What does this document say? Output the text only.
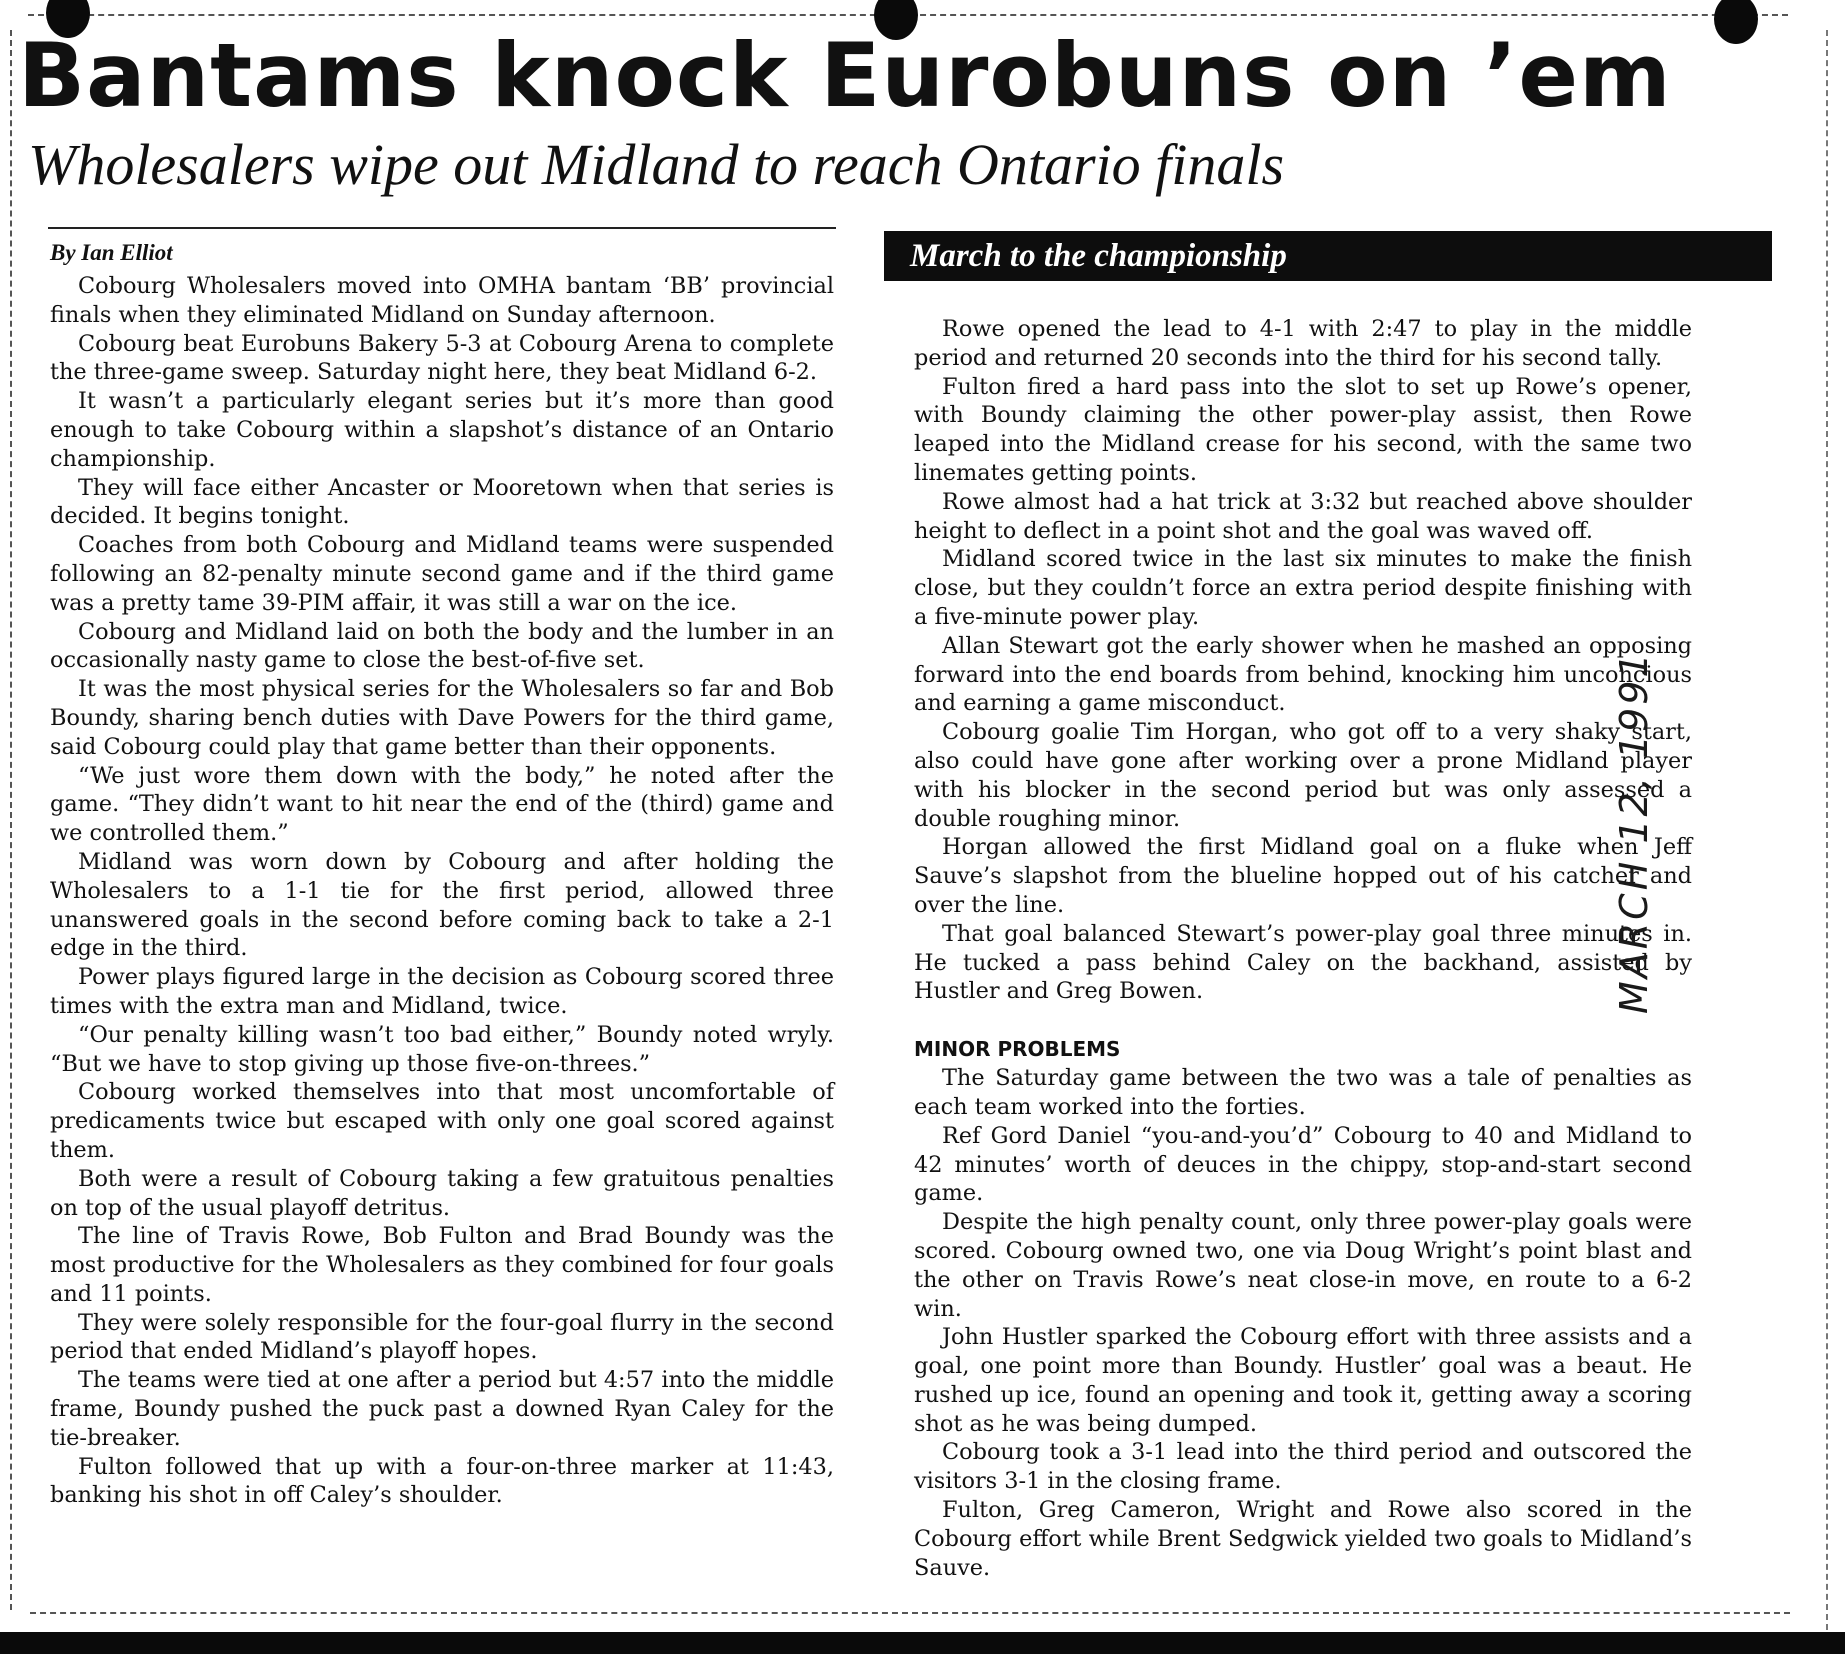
Bantams knock Eurobuns on ’em
Wholesalers wipe out Midland to reach Ontario finals
By Ian Elliot

Cobourg Wholesalers moved into OMHA bantam ‘BB’ provincial finals when they eliminated Midland on Sunday afternoon.

Cobourg beat Eurobuns Bakery 5-3 at Cobourg Arena to complete the three-game sweep. Saturday night here, they beat Midland 6-2.

It wasn’t a particularly elegant series but it’s more than good enough to take Cobourg within a slapshot’s distance of an Ontario championship.

They will face either Ancaster or Mooretown when that series is decided. It begins tonight.

Coaches from both Cobourg and Midland teams were suspended following an 82-penalty minute second game and if the third game was a pretty tame 39-PIM affair, it was still a war on the ice.

Cobourg and Midland laid on both the body and the lumber in an occasionally nasty game to close the best-of-five set.

It was the most physical series for the Wholesalers so far and Bob Boundy, sharing bench duties with Dave Powers for the third game, said Cobourg could play that game better than their opponents.

“We just wore them down with the body,” he noted after the game. “They didn’t want to hit near the end of the (third) game and we controlled them.”

Midland was worn down by Cobourg and after holding the Wholesalers to a 1-1 tie for the first period, allowed three unanswered goals in the second before coming back to take a 2-1 edge in the third.

Power plays figured large in the decision as Cobourg scored three times with the extra man and Midland, twice.

“Our penalty killing wasn’t too bad either,” Boundy noted wryly. “But we have to stop giving up those five-on-threes.”

Cobourg worked themselves into that most uncomfortable of predicaments twice but escaped with only one goal scored against them.

Both were a result of Cobourg taking a few gratuitous penalties on top of the usual playoff detritus.

The line of Travis Rowe, Bob Fulton and Brad Boundy was the most productive for the Wholesalers as they combined for four goals and 11 points.

They were solely responsible for the four-goal flurry in the second period that ended Midland’s playoff hopes.

The teams were tied at one after a period but 4:57 into the middle frame, Boundy pushed the puck past a downed Ryan Caley for the tie-breaker.

Fulton followed that up with a four-on-three marker at 11:43, banking his shot in off Caley’s shoulder.

March to the championship

Rowe opened the lead to 4-1 with 2:47 to play in the middle period and returned 20 seconds into the third for his second tally.

Fulton fired a hard pass into the slot to set up Rowe’s opener, with Boundy claiming the other power-play assist, then Rowe leaped into the Midland crease for his second, with the same two linemates getting points.

Rowe almost had a hat trick at 3:32 but reached above shoulder height to deflect in a point shot and the goal was waved off.

Midland scored twice in the last six minutes to make the finish close, but they couldn’t force an extra period despite finishing with a five-minute power play.

Allan Stewart got the early shower when he mashed an opposing forward into the end boards from behind, knocking him unconcious and earning a game misconduct.

Cobourg goalie Tim Horgan, who got off to a very shaky start, also could have gone after working over a prone Midland player with his blocker in the second period but was only assessed a double roughing minor.

Horgan allowed the first Midland goal on a fluke when Jeff Sauve’s slapshot from the blueline hopped out of his catcher and over the line.

That goal balanced Stewart’s power-play goal three minutes in. He tucked a pass behind Caley on the backhand, assisted by Hustler and Greg Bowen.

MINOR PROBLEMS

The Saturday game between the two was a tale of penalties as each team worked into the forties.

Ref Gord Daniel “you-and-you’d” Cobourg to 40 and Midland to 42 minutes’ worth of deuces in the chippy, stop-and-start second game.

Despite the high penalty count, only three power-play goals were scored. Cobourg owned two, one via Doug Wright’s point blast and the other on Travis Rowe’s neat close-in move, en route to a 6-2 win.

John Hustler sparked the Cobourg effort with three assists and a goal, one point more than Boundy. Hustler’ goal was a beaut. He rushed up ice, found an opening and took it, getting away a scoring shot as he was being dumped.

Cobourg took a 3-1 lead into the third period and outscored the visitors 3-1 in the closing frame.

Fulton, Greg Cameron, Wright and Rowe also scored in the Cobourg effort while Brent Sedgwick yielded two goals to Midland’s Sauve.

MARCH 12, 1991
